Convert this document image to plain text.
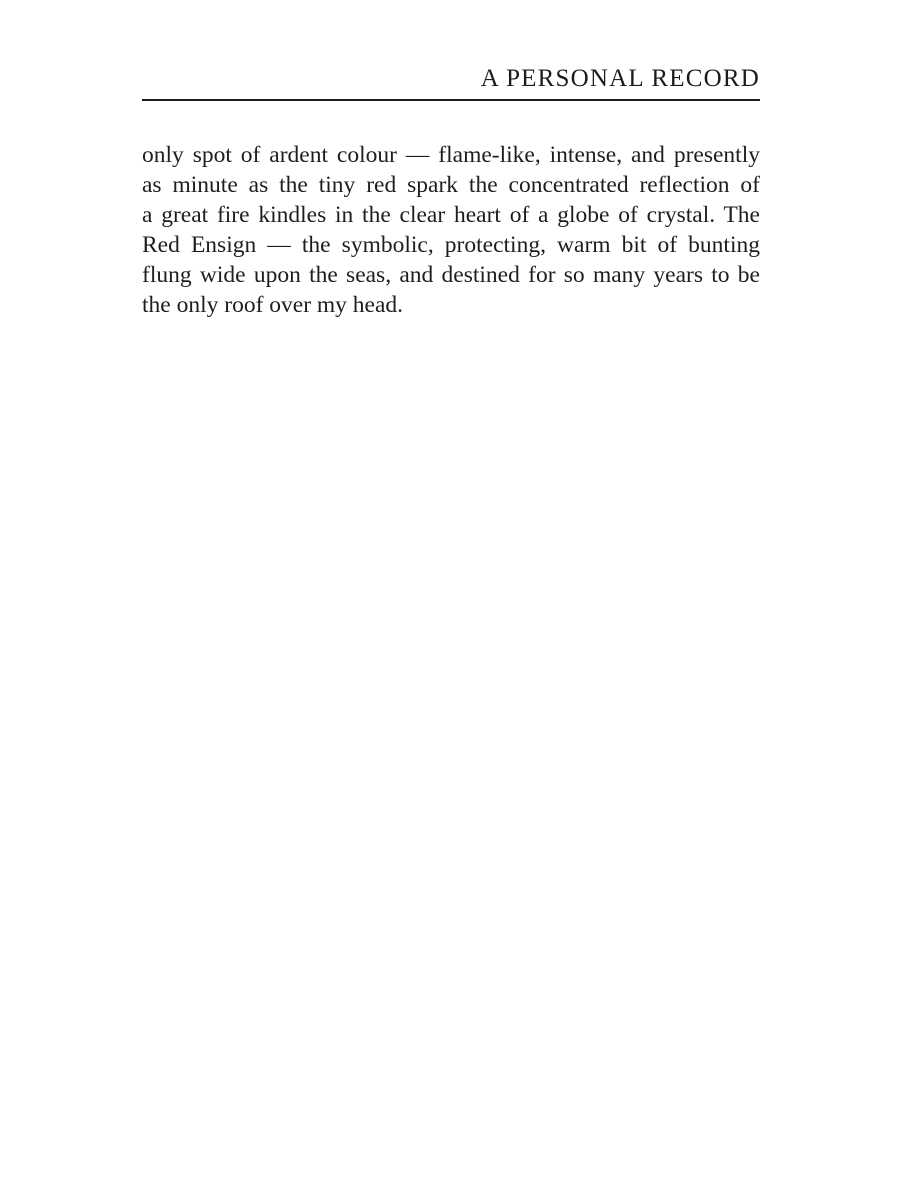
A PERSONAL RECORD
only spot of ardent colour — flame-like, intense, and presently
as minute as the tiny red spark the concentrated reflection of
a great fire kindles in the clear heart of a globe of crystal. The
Red Ensign — the symbolic, protecting, warm bit of bunting
flung wide upon the seas, and destined for so many years to be
the only roof over my head.
